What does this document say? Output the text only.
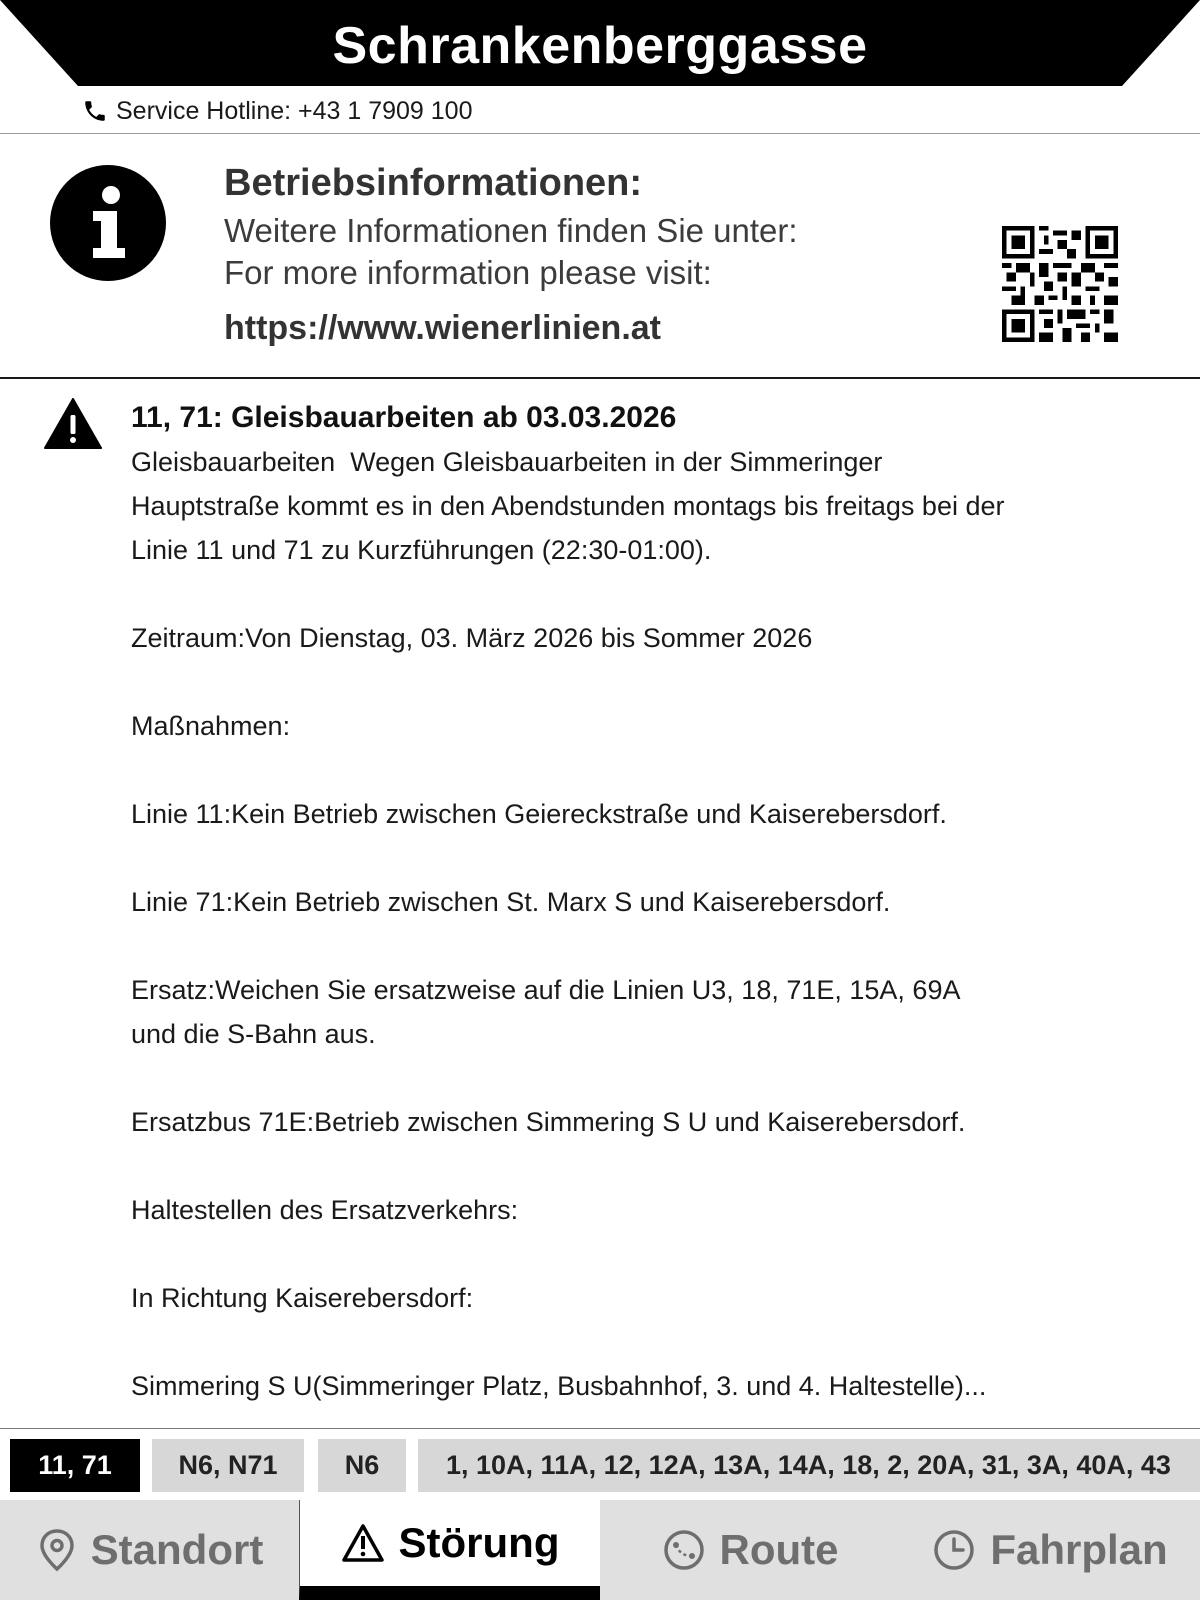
Schrankenberggasse
Service Hotline: +43 1 7909 100
Betriebsinformationen:
Weitere Informationen finden Sie unter:
For more information please visit:
https://www.wienerlinien.at
11, 71: Gleisbauarbeiten ab 03.03.2026
Gleisbauarbeiten  Wegen Gleisbauarbeiten in der Simmeringer
Hauptstraße kommt es in den Abendstunden montags bis freitags bei der
Linie 11 und 71 zu Kurzführungen (22:30-01:00).
Zeitraum:Von Dienstag, 03. März 2026 bis Sommer 2026
Maßnahmen:
Linie 11:Kein Betrieb zwischen Geiereckstraße und Kaiserebersdorf.
Linie 71:Kein Betrieb zwischen St. Marx S und Kaiserebersdorf.
Ersatz:Weichen Sie ersatzweise auf die Linien U3, 18, 71E, 15A, 69A
und die S-Bahn aus.
Ersatzbus 71E:Betrieb zwischen Simmering S U und Kaiserebersdorf.
Haltestellen des Ersatzverkehrs:
In Richtung Kaiserebersdorf:
Simmering S U(Simmeringer Platz, Busbahnhof, 3. und 4. Haltestelle)...
11, 71	N6, N71	N6	1, 10A, 11A, 12, 12A, 13A, 14A, 18, 2, 20A, 31, 3A, 40A, 43
Standort	Störung	Route	Fahrplan
